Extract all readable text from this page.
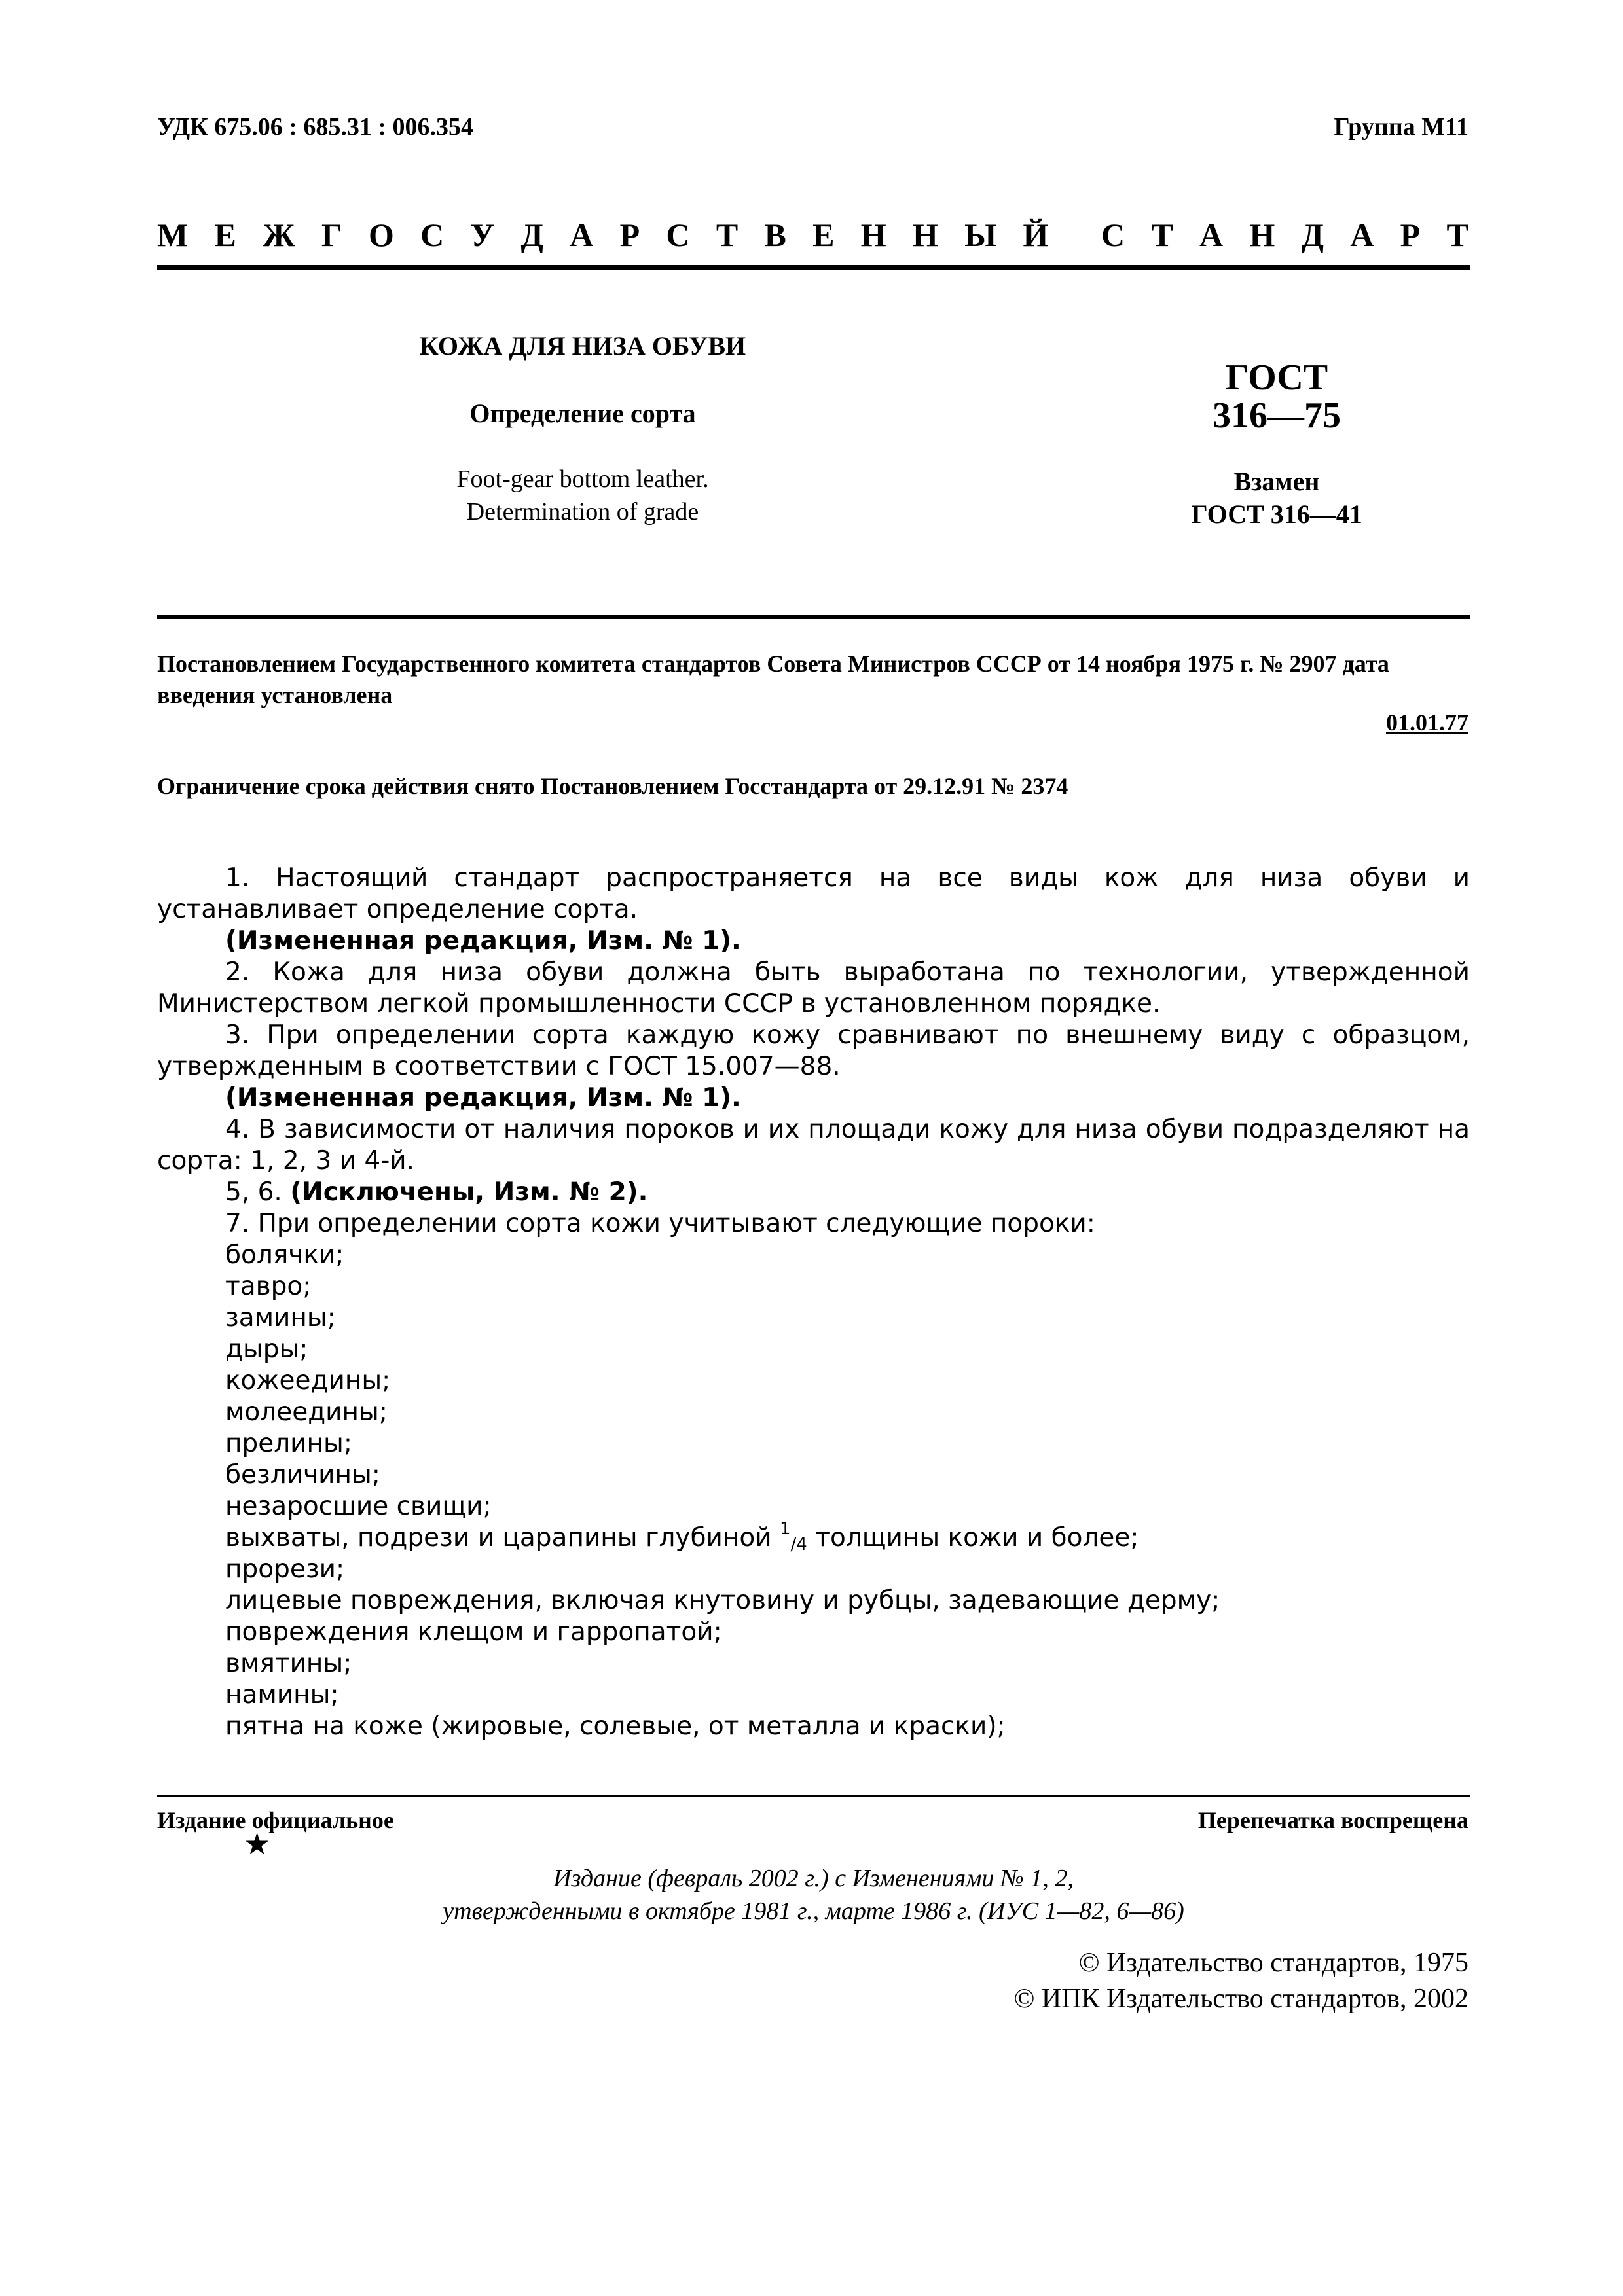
УДК 675.06 : 685.31 : 006.354	Группа М11
М Е Ж Г О С У Д А Р С Т В Е Н Н Ы Й С Т А Н Д А Р Т
КОЖА ДЛЯ НИЗА ОБУВИ
Определение сорта
Foot-gear bottom leather.
Determination of grade
ГОСТ
316—75
Взамен
ГОСТ 316—41
Постановлением Государственного комитета стандартов Совета Министров СССР от 14 ноября 1975 г. № 2907 дата введения установлена
01.01.77
Ограничение срока действия снято Постановлением Госстандарта от 29.12.91 № 2374

1. Настоящий стандарт распространяется на все виды кож для низа обуви и устанавливает определение сорта.

(Измененная редакция, Изм. № 1).

2. Кожа для низа обуви должна быть выработана по технологии, утвержденной Министерством легкой промышленности СССР в установленном порядке.

3. При определении сорта каждую кожу сравнивают по внешнему виду с образцом, утвержденным в соответствии с ГОСТ 15.007—88.

(Измененная редакция, Изм. № 1).

4. В зависимости от наличия пороков и их площади кожу для низа обуви подразделяют на сорта: 1, 2, 3 и 4-й.

5, 6. (Исключены, Изм. № 2).

7. При определении сорта кожи учитывают следующие пороки:

болячки;

тавро;

замины;

дыры;

кожеедины;

молеедины;

прелины;

безличины;

незаросшие свищи;

выхваты, подрези и царапины глубиной $^1_{/4}$ толщины кожи и более;

прорези;

лицевые повреждения, включая кнутовину и рубцы, задевающие дерму;

повреждения клещом и гарропатой;

вмятины;

намины;

пятна на коже (жировые, солевые, от металла и краски);

Издание официальное	Перепечатка воспрещена
★
Издание (февраль 2002 г.) с Изменениями № 1, 2,
утвержденными в октябре 1981 г., марте 1986 г. (ИУС 1—82, 6—86)
© Издательство стандартов, 1975
© ИПК Издательство стандартов, 2002
